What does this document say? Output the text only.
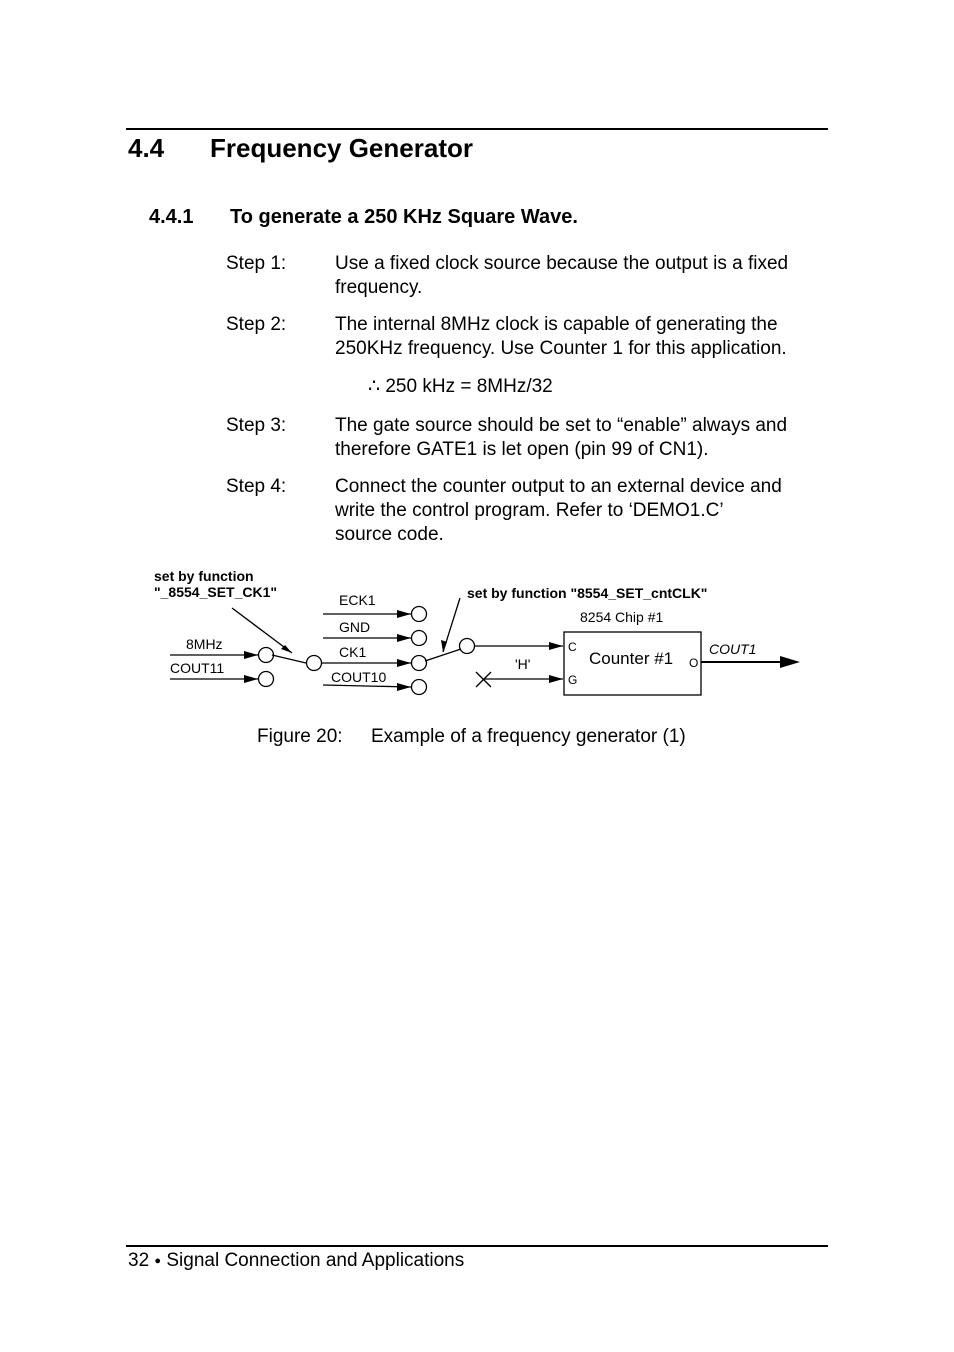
4.4 Frequency Generator
4.4.1 To generate a 250 KHz Square Wave.
Step 1:	Use a fixed clock source because the output is a fixed
frequency.
Step 2:	The internal 8MHz clock is capable of generating the
250KHz frequency. Use Counter 1 for this application.
∴ 250 kHz = 8MHz/32
Step 3:	The gate source should be set to “enable” always and
therefore GATE1 is let open (pin 99 of CN1).
Step 4:	Connect the counter output to an external device and
write the control program. Refer to ‘DEMO1.C’
source code.
set by function
"_8554_SET_CK1"	set by function "8554_SET_cntCLK"
8MHz
COUT11
ECK1
GND
CK1
COUT10
8254 Chip #1
Counter #1
C
G
O
'H'
COUT1
Figure 20: Example of a frequency generator (1)
32 ● Signal Connection and Applications
